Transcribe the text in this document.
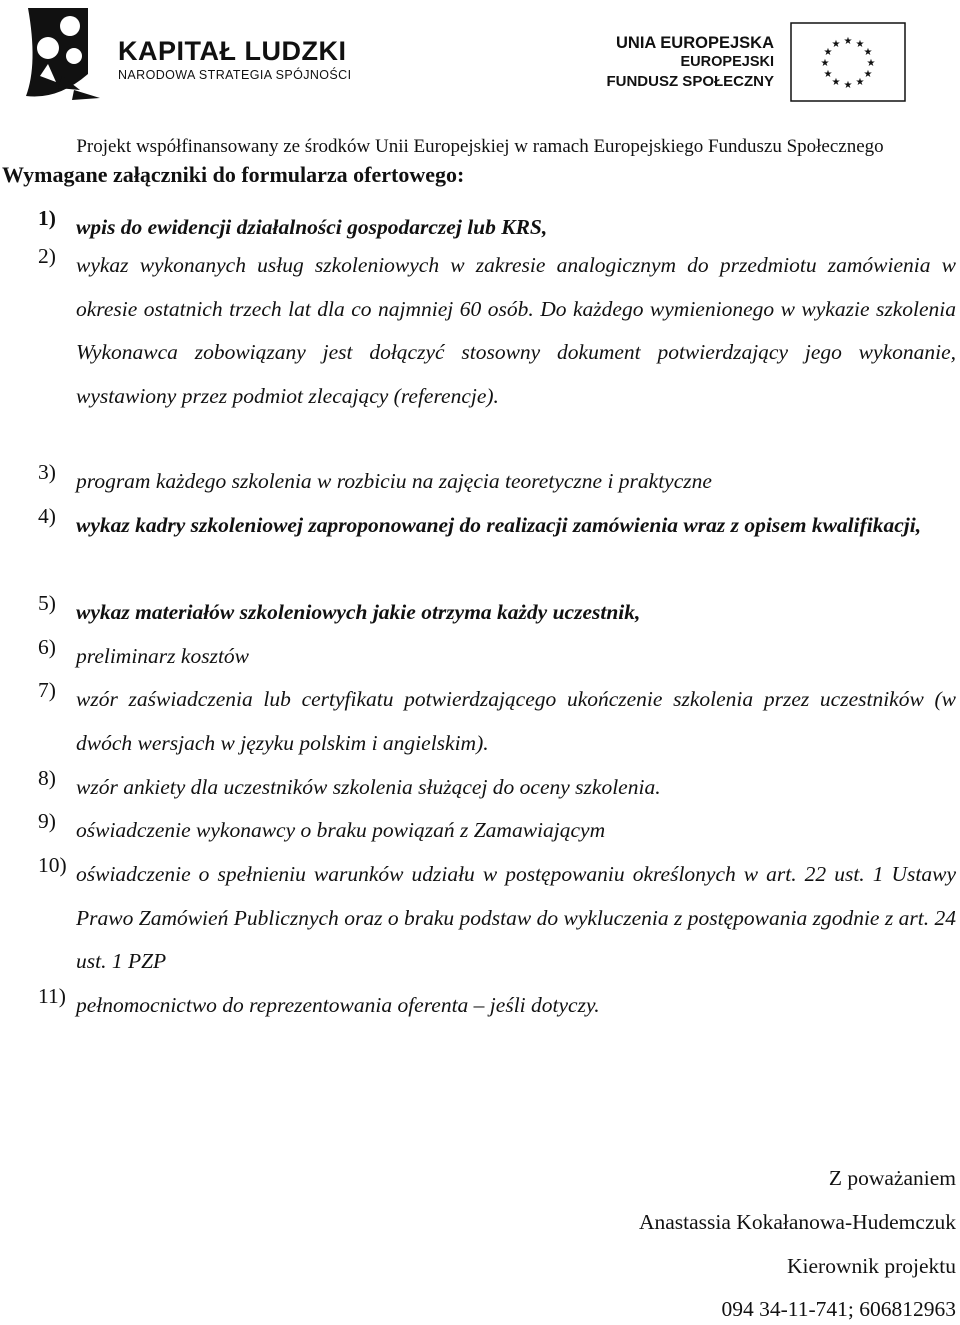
KAPITAŁ LUDZKI
NARODOWA STRATEGIA SPÓJNOŚCI
UNIA EUROPEJSKA
EUROPEJSKI
FUNDUSZ SPOŁECZNY
★ ★
★
★
★
★
★
★
★
★
★
★
Projekt współfinansowany ze środków Unii Europejskiej w ramach Europejskiego Funduszu Społecznego
Wymagane załączniki do formularza ofertowego:
1) wpis do ewidencji działalności gospodarczej lub KRS,
2) wykaz wykonanych usług szkoleniowych w zakresie analogicznym do przedmiotu zamówienia w okresie ostatnich trzech lat dla co najmniej 60 osób. Do każdego wymienionego w wykazie szkolenia Wykonawca zobowiązany jest dołączyć stosowny dokument potwierdzający jego wykonanie, wystawiony przez podmiot zlecający (referencje).
3) program każdego szkolenia w rozbiciu na zajęcia teoretyczne i praktyczne
4) wykaz kadry szkoleniowej zaproponowanej do realizacji zamówienia wraz z opisem kwalifikacji,
5) wykaz materiałów szkoleniowych jakie otrzyma każdy uczestnik,
6) preliminarz kosztów
7) wzór zaświadczenia lub certyfikatu potwierdzającego ukończenie szkolenia przez uczestników (w dwóch wersjach w języku polskim i angielskim).
8) wzór ankiety dla uczestników szkolenia służącej do oceny szkolenia.
9) oświadczenie wykonawcy o braku powiązań z Zamawiającym
10) oświadczenie o spełnieniu warunków udziału w postępowaniu określonych w art. 22 ust. 1 Ustawy Prawo Zamówień Publicznych oraz o braku podstaw do wykluczenia z postępowania zgodnie z art. 24 ust. 1 PZP
11) pełnomocnictwo do reprezentowania oferenta – jeśli dotyczy.
Z poważaniem
Anastassia Kokałanowa-Hudemczuk
Kierownik projektu
094 34-11-741; 606812963
